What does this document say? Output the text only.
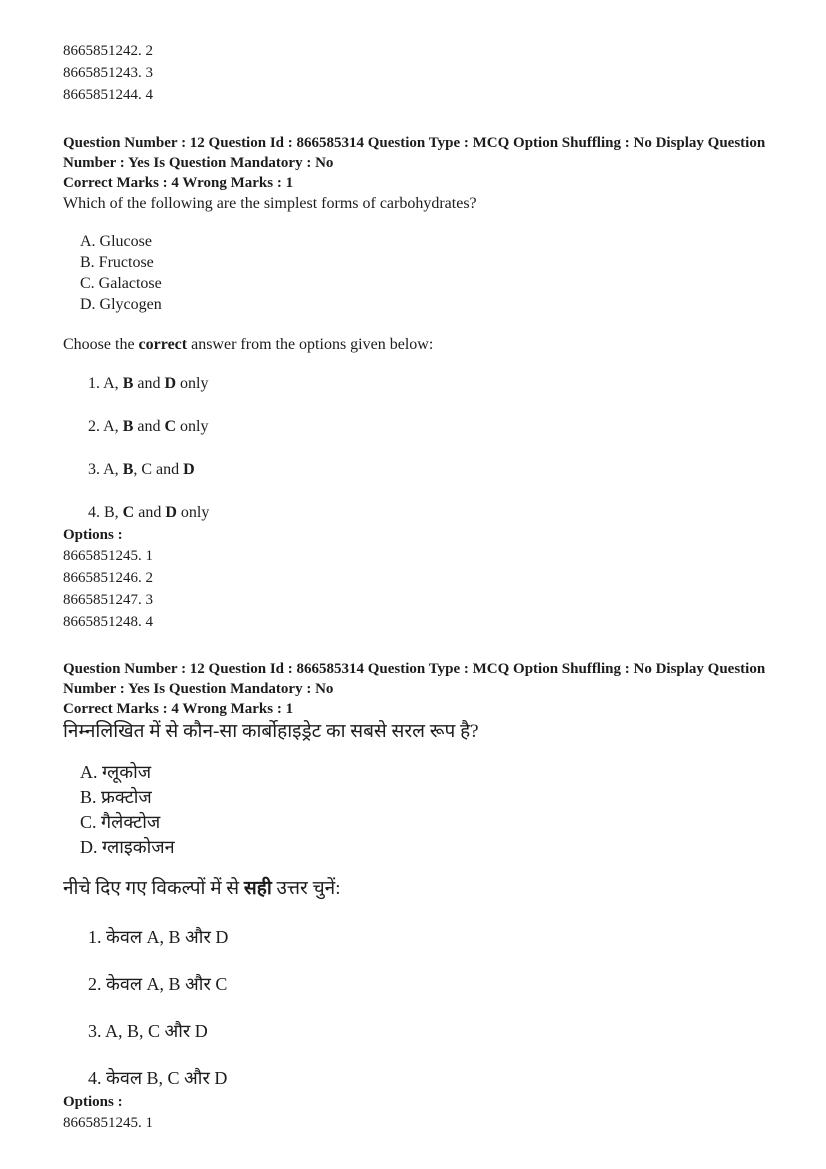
8665851242. 2
8665851243. 3
8665851244. 4
Question Number : 12 Question Id : 866585314 Question Type : MCQ Option Shuffling : No Display Question Number : Yes Is Question Mandatory : No
Correct Marks : 4 Wrong Marks : 1
Which of the following are the simplest forms of carbohydrates?
A. Glucose
B. Fructose
C. Galactose
D. Glycogen
Choose the correct answer from the options given below:
1. A, B and D only
2. A, B and C only
3. A, B, C and D
4. B, C and D only
Options :
8665851245. 1
8665851246. 2
8665851247. 3
8665851248. 4
Question Number : 12 Question Id : 866585314 Question Type : MCQ Option Shuffling : No Display Question Number : Yes Is Question Mandatory : No
Correct Marks : 4 Wrong Marks : 1
निम्नलिखित में से कौन-सा कार्बोहाइड्रेट का सबसे सरल रूप है?
A. ग्लूकोज
B. फ्रक्टोज
C. गैलेक्टोज
D. ग्लाइकोजन
नीचे दिए गए विकल्पों में से सही उत्तर चुनें:
1. केवल A, B और D
2. केवल A, B और C
3. A, B, C और D
4. केवल B, C और D
Options :
8665851245. 1
